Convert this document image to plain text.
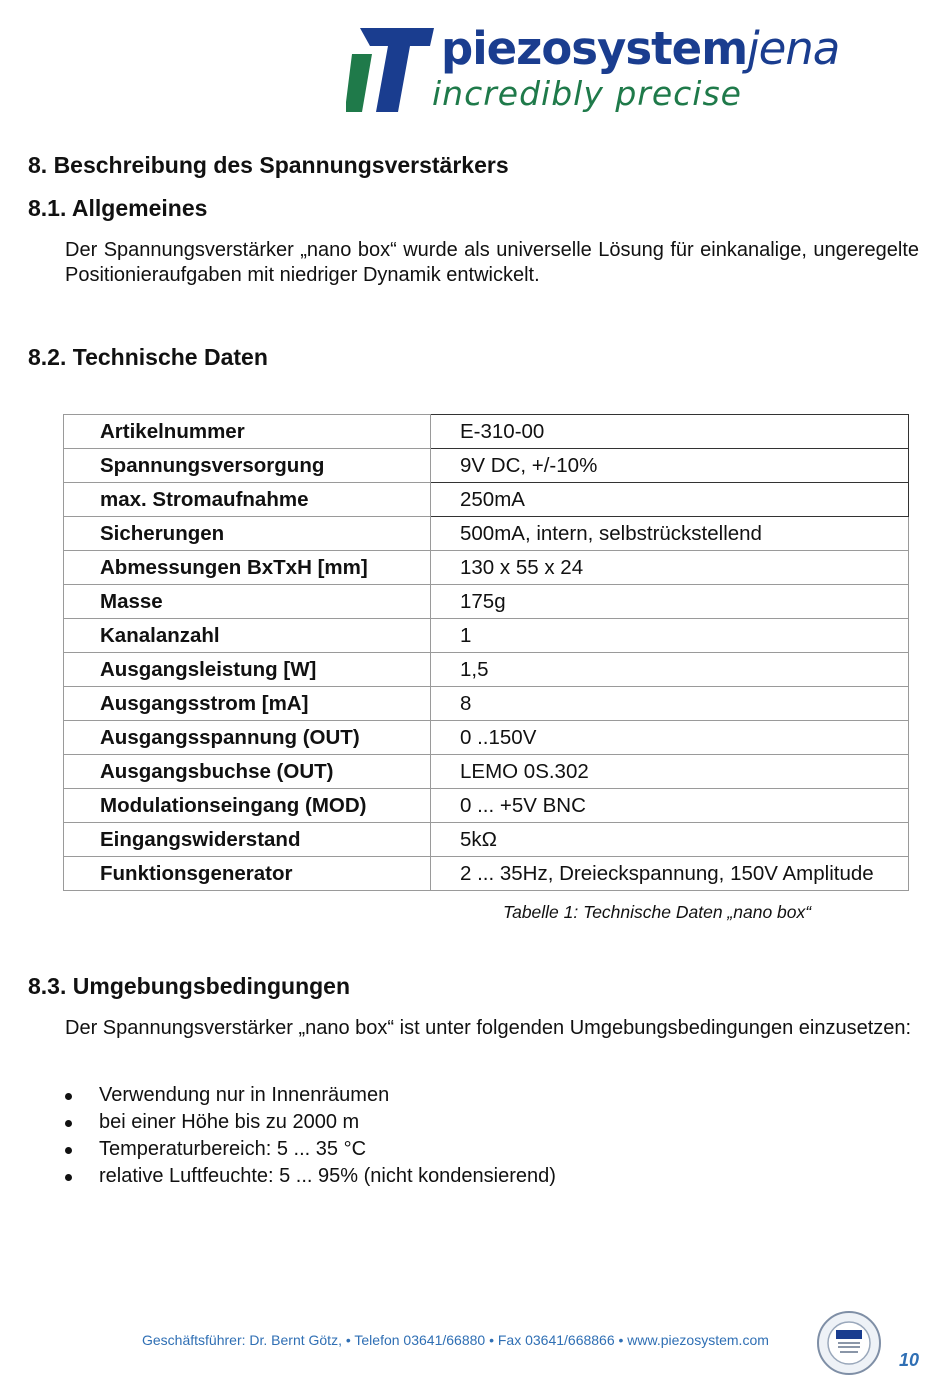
piezosystemjena
incredibly precise
8. Beschreibung des Spannungsverstärkers
8.1. Allgemeines

Der Spannungsverstärker „nano box“ wurde als universelle Lösung für einkanalige, ungeregelte Positionieraufgaben mit niedriger Dynamik entwickelt.

8.2. Technische Daten
Artikelnummer	E-310-00
Spannungsversorgung	9V DC, +/-10%
max. Stromaufnahme	250mA
Sicherungen	500mA, intern, selbstrückstellend
Abmessungen BxTxH [mm]	130 x 55 x 24
Masse	175g
Kanalanzahl	1
Ausgangsleistung [W]	1,5
Ausgangsstrom [mA]	8
Ausgangsspannung (OUT)	0 ..150V
Ausgangsbuchse (OUT)	LEMO 0S.302
Modulationseingang (MOD)	0 ... +5V BNC
Eingangswiderstand	5kΩ
Funktionsgenerator	2 ... 35Hz, Dreieckspannung, 150V Amplitude
Tabelle 1: Technische Daten „nano box“
8.3. Umgebungsbedingungen

Der Spannungsverstärker „nano box“ ist unter folgenden Umgebungsbedingungen einzusetzen:

Verwendung nur in Innenräumen
bei einer Höhe bis zu 2000 m
Temperaturbereich: 5 ... 35 °C
relative Luftfeuchte: 5 ... 95% (nicht kondensierend)
Geschäftsführer: Dr. Bernt Götz, • Telefon 03641/66880 • Fax 03641/668866 • www.piezosystem.com
10
